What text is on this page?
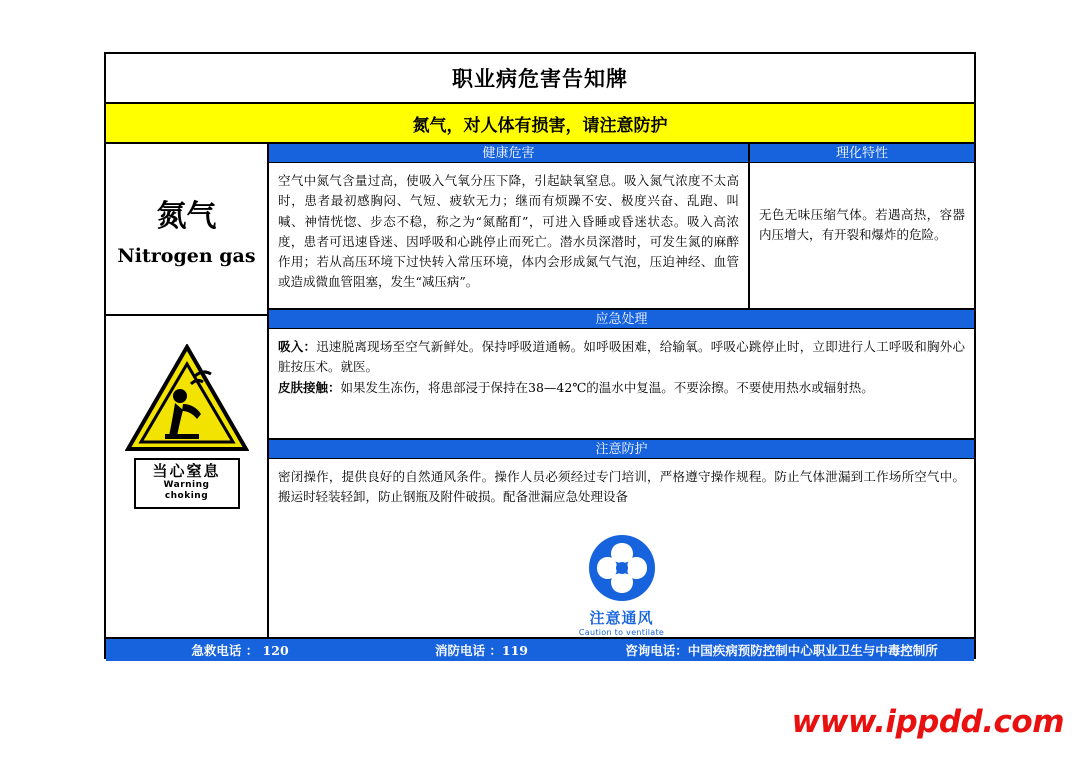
职业病危害告知牌
氮气，对人体有损害，请注意防护
氮气
Nitrogen gas
当心窒息
Warning choking
健康危害
空气中氮气含量过高，使吸入气氧分压下降，引起缺氧窒息。吸入氮气浓度不太高时，患者最初感胸闷、气短、疲软无力；继而有烦躁不安、极度兴奋、乱跑、叫喊、神情恍惚、步态不稳，称之为“氮酩酊”，可进入昏睡或昏迷状态。吸入高浓度，患者可迅速昏迷、因呼吸和心跳停止而死亡。潜水员深潜时，可发生氮的麻醉作用；若从高压环境下过快转入常压环境，体内会形成氮气气泡，压迫神经、血管或造成微血管阻塞，发生“减压病”。
理化特性
无色无味压缩气体。若遇高热，容器内压增大，有开裂和爆炸的危险。
应急处理

吸入：迅速脱离现场至空气新鲜处。保持呼吸道通畅。如呼吸困难，给输氧。呼吸心跳停止时，立即进行人工呼吸和胸外心脏按压术。就医。

皮肤接触：如果发生冻伤，将患部浸于保持在38—42℃的温水中复温。不要涂擦。不要使用热水或辐射热。

注意防护
密闭操作，提供良好的自然通风条件。操作人员必须经过专门培训，严格遵守操作规程。防止气体泄漏到工作场所空气中。搬运时轻装轻卸，防止钢瓶及附件破损。配备泄漏应急处理设备
注意通风
Caution to ventilate
急救电话 ： 120	消防电话 ：119	咨询电话：中国疾病预防控制中心职业卫生与中毒控制所
www.ippdd.com
